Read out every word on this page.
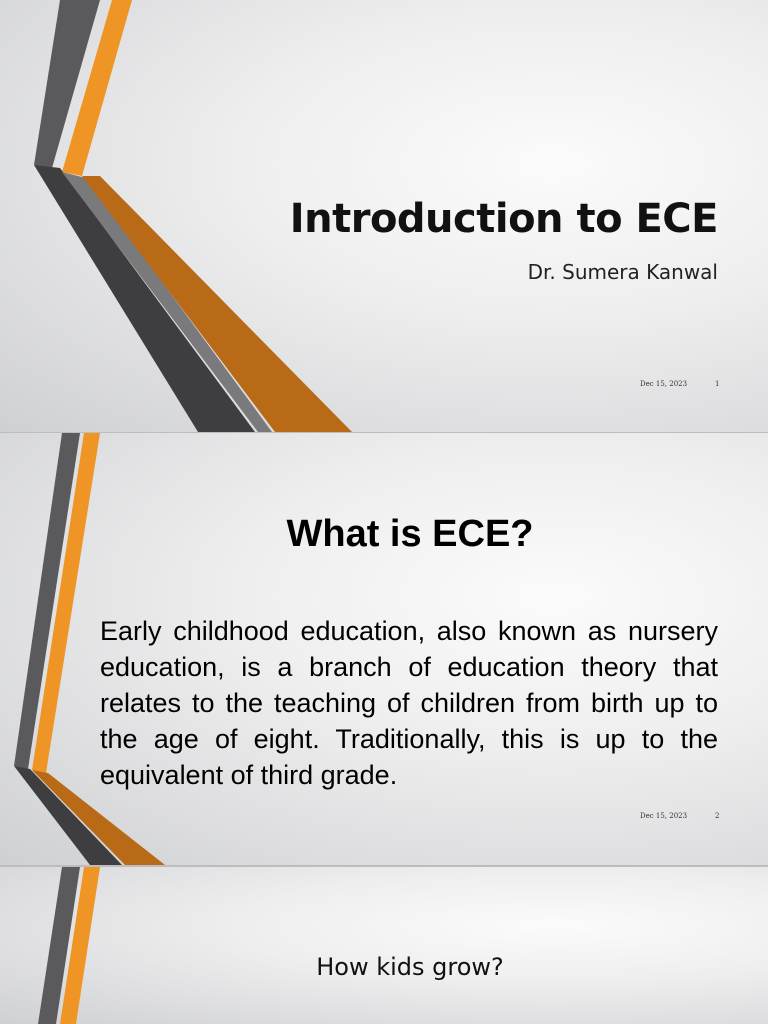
Introduction to ECE
Dr. Sumera Kanwal
Dec 15, 2023	1
What is ECE?
Early childhood education, also known as nursery education, is a branch of education theory that relates to the teaching of children from birth up to the age of eight. Traditionally, this is up to the equivalent of third grade.
Dec 15, 2023	2
How kids grow?
